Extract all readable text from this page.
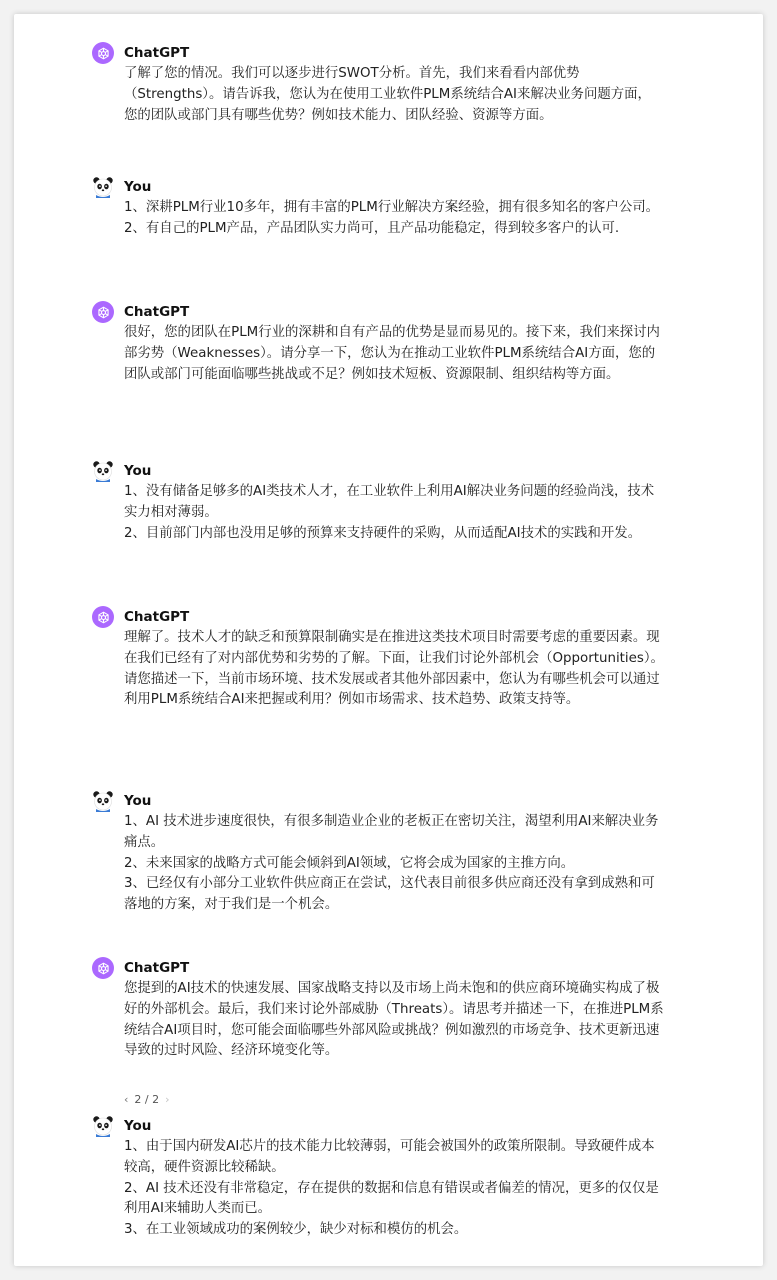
ChatGPT
了解了您的情况。我们可以逐步进行SWOT分析。首先，我们来看看内部优势（Strengths）。请告诉我，您认为在使用工业软件PLM系统结合AI来解决业务问题方面，您的团队或部门具有哪些优势？例如技术能力、团队经验、资源等方面。
You
1、深耕PLM行业10多年，拥有丰富的PLM行业解决方案经验，拥有很多知名的客户公司。
2、有自己的PLM产品，产品团队实力尚可，且产品功能稳定，得到较多客户的认可.
ChatGPT
很好，您的团队在PLM行业的深耕和自有产品的优势是显而易见的。接下来，我们来探讨内部劣势（Weaknesses）。请分享一下，您认为在推动工业软件PLM系统结合AI方面，您的团队或部门可能面临哪些挑战或不足？例如技术短板、资源限制、组织结构等方面。
You
1、没有储备足够多的AI类技术人才，在工业软件上利用AI解决业务问题的经验尚浅，技术实力相对薄弱。
2、目前部门内部也没用足够的预算来支持硬件的采购，从而适配AI技术的实践和开发。
ChatGPT
理解了。技术人才的缺乏和预算限制确实是在推进这类技术项目时需要考虑的重要因素。现在我们已经有了对内部优势和劣势的了解。下面，让我们讨论外部机会（Opportunities）。请您描述一下，当前市场环境、技术发展或者其他外部因素中，您认为有哪些机会可以通过利用PLM系统结合AI来把握或利用？例如市场需求、技术趋势、政策支持等。
You
1、AI 技术进步速度很快，有很多制造业企业的老板正在密切关注，渴望利用AI来解决业务痛点。
2、未来国家的战略方式可能会倾斜到AI领域，它将会成为国家的主推方向。
3、已经仅有小部分工业软件供应商正在尝试，这代表目前很多供应商还没有拿到成熟和可落地的方案，对于我们是一个机会。
ChatGPT
您提到的AI技术的快速发展、国家战略支持以及市场上尚未饱和的供应商环境确实构成了极好的外部机会。最后，我们来讨论外部威胁（Threats）。请思考并描述一下，在推进PLM系统结合AI项目时，您可能会面临哪些外部风险或挑战？例如激烈的市场竞争、技术更新迅速导致的过时风险、经济环境变化等。
‹ 2 / 2 ›
You
1、由于国内研发AI芯片的技术能力比较薄弱，可能会被国外的政策所限制。导致硬件成本较高，硬件资源比较稀缺。
2、AI 技术还没有非常稳定，存在提供的数据和信息有错误或者偏差的情况，更多的仅仅是利用AI来辅助人类而已。
3、在工业领域成功的案例较少，缺少对标和模仿的机会。
